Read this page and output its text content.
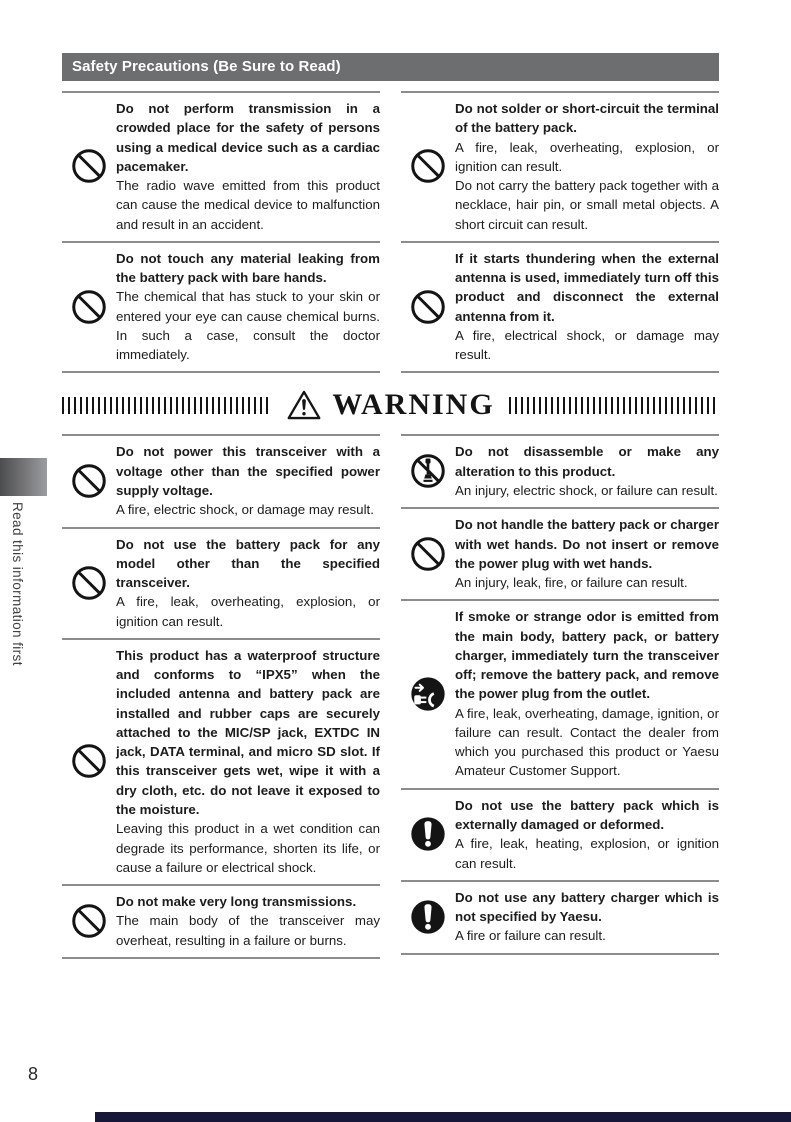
Read this information first
Safety Precautions (Be Sure to Read)

Do not perform transmission in a crowded place for the safety of persons using a medical device such as a cardiac pacemaker.

The radio wave emitted from this product can cause the medical device to malfunction and result in an accident.

Do not touch any material leaking from the battery pack with bare hands.

The chemical that has stuck to your skin or entered your eye can cause chemical burns. In such a case, consult the doctor immediately.

Do not solder or short-circuit the terminal of the battery pack.

A fire, leak, overheating, explosion, or ignition can result.

Do not carry the battery pack together with a necklace, hair pin, or small metal objects. A short circuit can result.

If it starts thundering when the external antenna is used, immediately turn off this product and disconnect the external antenna from it.

A fire, electrical shock, or damage may result.

WARNING

Do not power this transceiver with a voltage other than the specified power supply voltage.

A fire, electric shock, or damage may result.

Do not use the battery pack for any model other than the specified transceiver.

A fire, leak, overheating, explosion, or ignition can result.

This product has a waterproof structure and conforms to “IPX5” when the included antenna and battery pack are installed and rubber caps are securely attached to the MIC/SP jack, EXTDC IN jack, DATA terminal, and micro SD slot. If this transceiver gets wet, wipe it with a dry cloth, etc. do not leave it exposed to the moisture.

Leaving this product in a wet condition can degrade its performance, shorten its life, or cause a failure or electrical shock.

Do not make very long transmissions.

The main body of the transceiver may overheat, resulting in a failure or burns.

Do not disassemble or make any alteration to this product.

An injury, electric shock, or failure can result.

Do not handle the battery pack or charger with wet hands. Do not insert or remove the power plug with wet hands.

An injury, leak, fire, or failure can result.

If smoke or strange odor is emitted from the main body, battery pack, or battery charger, immediately turn the transceiver off; remove the battery pack, and remove the power plug from the outlet.

A fire, leak, overheating, damage, ignition, or failure can result. Contact the dealer from which you purchased this product or Yaesu Amateur Customer Support.

Do not use the battery pack which is externally damaged or deformed.

A fire, leak, heating, explosion, or ignition can result.

Do not use any battery charger which is not specified by Yaesu.

A fire or failure can result.

8
